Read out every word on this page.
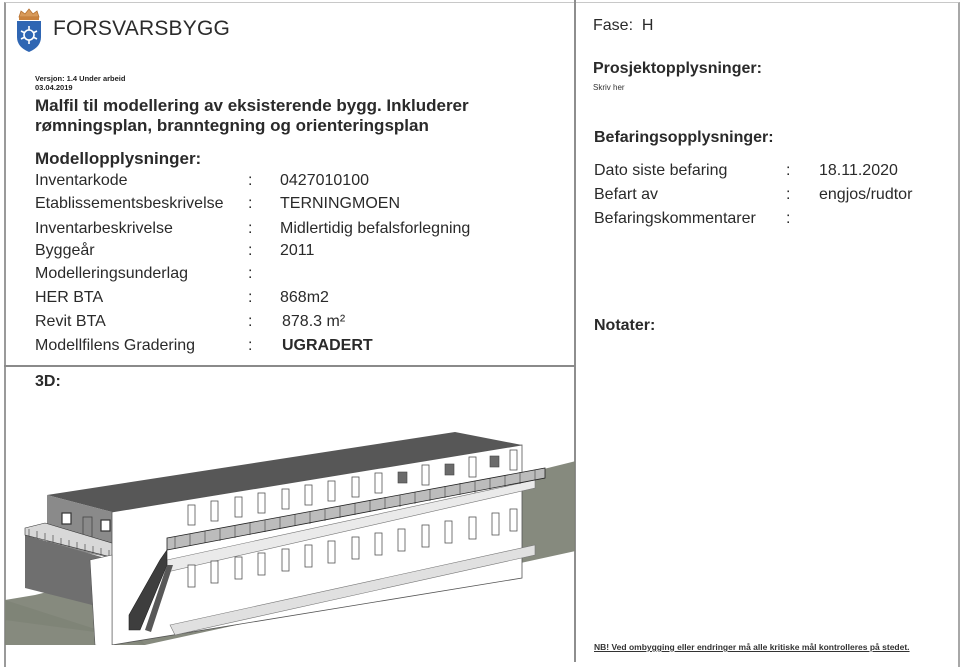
FORSVARSBYGG
Versjon: 1.4 Under arbeid
03.04.2019
Malfil til modellering av eksisterende bygg. Inkluderer
rømningsplan, branntegning og orienteringsplan
Modellopplysninger:
Inventarkode	: 0427010100
Etablissementsbeskrivelse : TERNINGMOEN
Inventarbeskrivelse	: Midlertidig befalsforlegning
Byggeår	: 2011
Modelleringsunderlag	:
HER BTA	: 868m2
Revit BTA	: 878.3 m²
Modellfilens Gradering	: UGRADERT
3D:
Fase: H
Prosjektopplysninger:
Skriv her
Befaringsopplysninger:
Dato siste befaring	: 18.11.2020
Befart av	: engjos/rudtor
Befaringskommentarer :
Notater:
NB! Ved ombygging eller endringer må alle kritiske mål kontrolleres på stedet.
